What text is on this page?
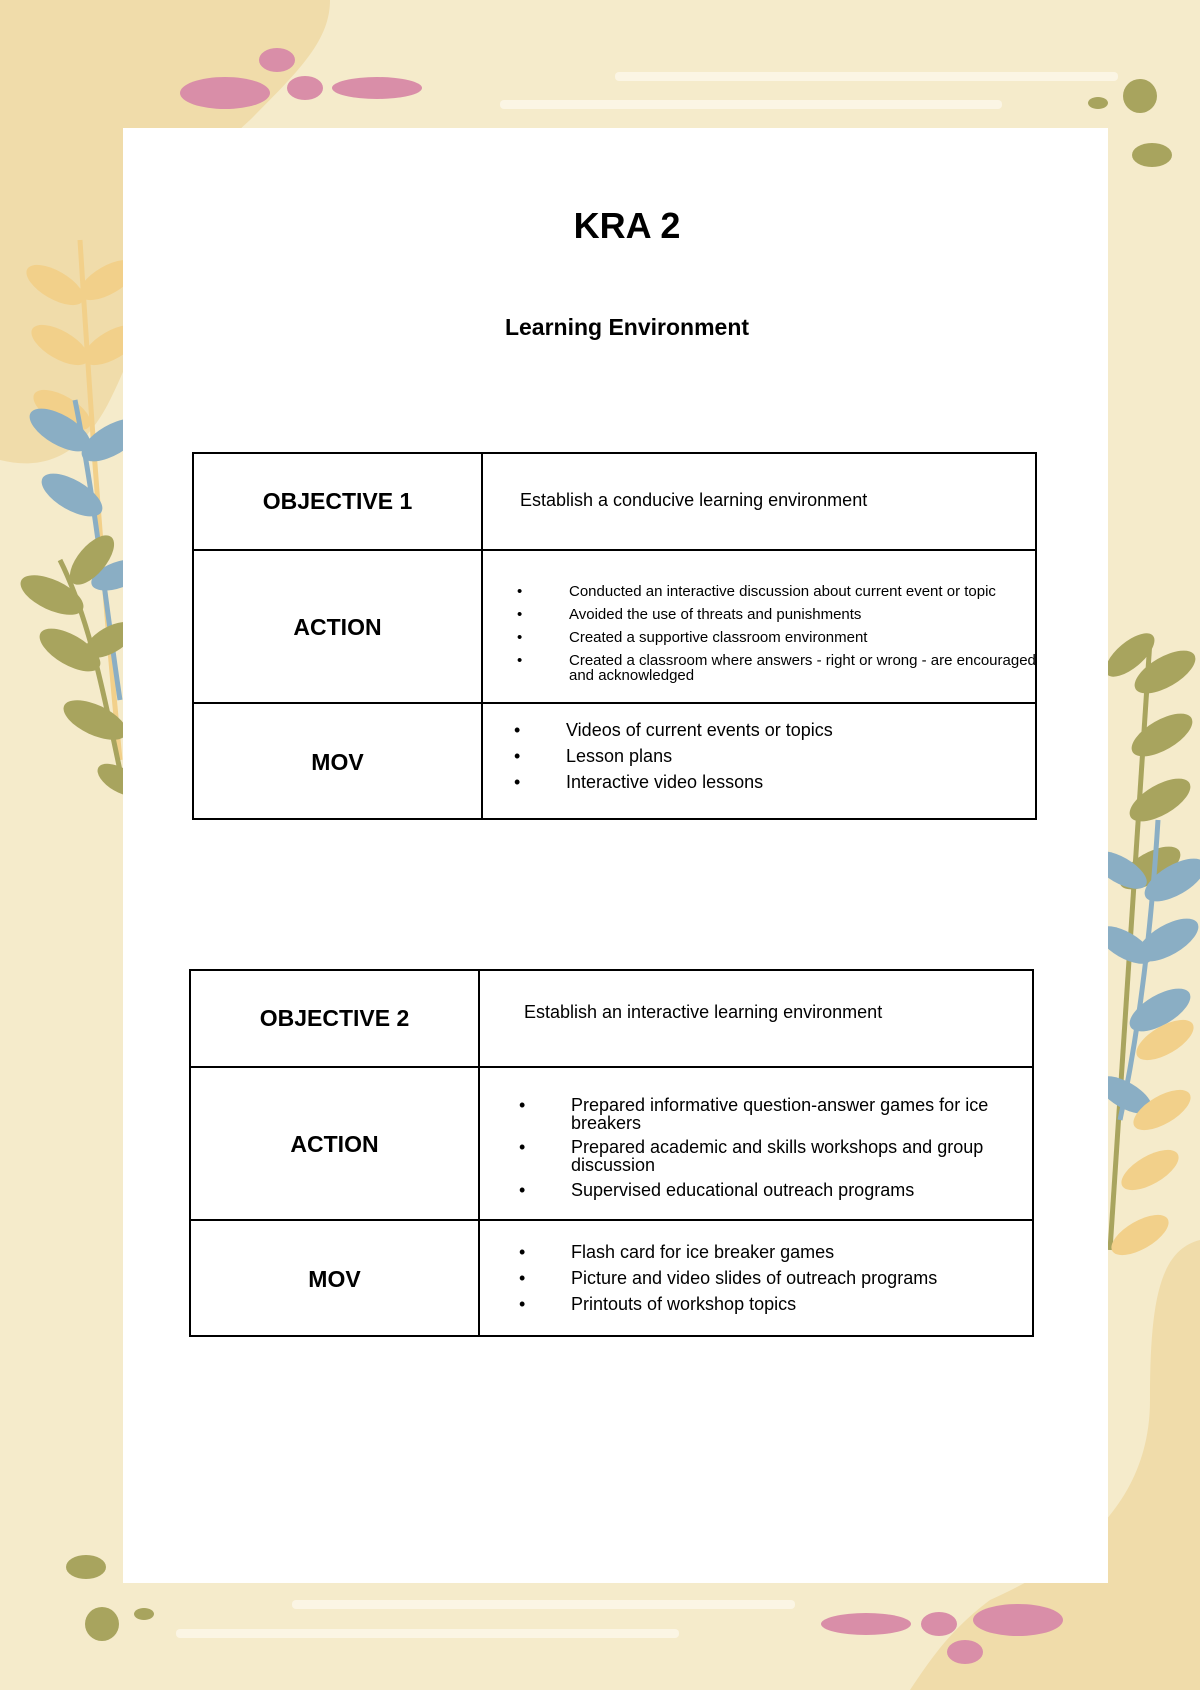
KRA 2
Learning Environment
OBJECTIVE 1	Establish a conducive learning environment
ACTION
• Conducted an interactive discussion about current event or topic
• Avoided the use of threats and punishments
• Created a supportive classroom environment
• Created a classroom where answers - right or wrong - are encouraged and acknowledged
MOV
• Videos of current events or topics
• Lesson plans
• Interactive video lessons
OBJECTIVE 2	Establish an interactive learning environment
ACTION
• Prepared informative question-answer games for ice breakers
• Prepared academic and skills workshops and group discussion
• Supervised educational outreach programs
MOV
• Flash card for ice breaker games
• Picture and video slides of outreach programs
• Printouts of workshop topics
